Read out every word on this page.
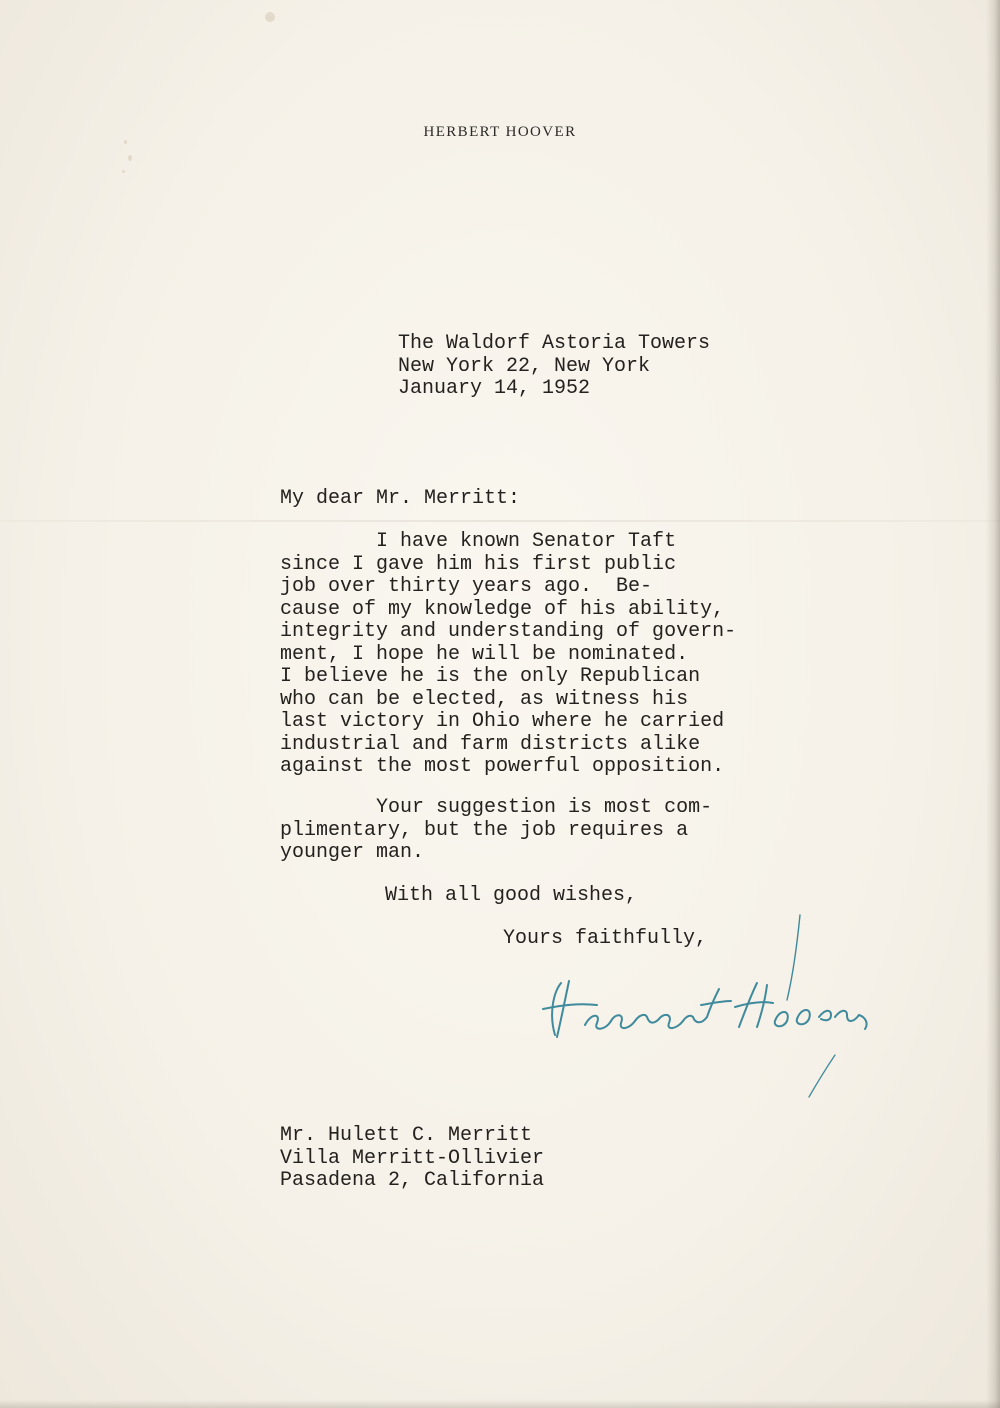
HERBERT HOOVER
The Waldorf Astoria Towers
New York 22, New York
January 14, 1952
My dear Mr. Merritt:
I have known Senator Taft
since I gave him his first public
job over thirty years ago.  Be-
cause of my knowledge of his ability,
integrity and understanding of govern-
ment, I hope he will be nominated.
I believe he is the only Republican
who can be elected, as witness his
last victory in Ohio where he carried
industrial and farm districts alike
against the most powerful opposition.
Your suggestion is most com-
plimentary, but the job requires a
younger man.
With all good wishes,
Yours faithfully,
Mr. Hulett C. Merritt
Villa Merritt-Ollivier
Pasadena 2, California
